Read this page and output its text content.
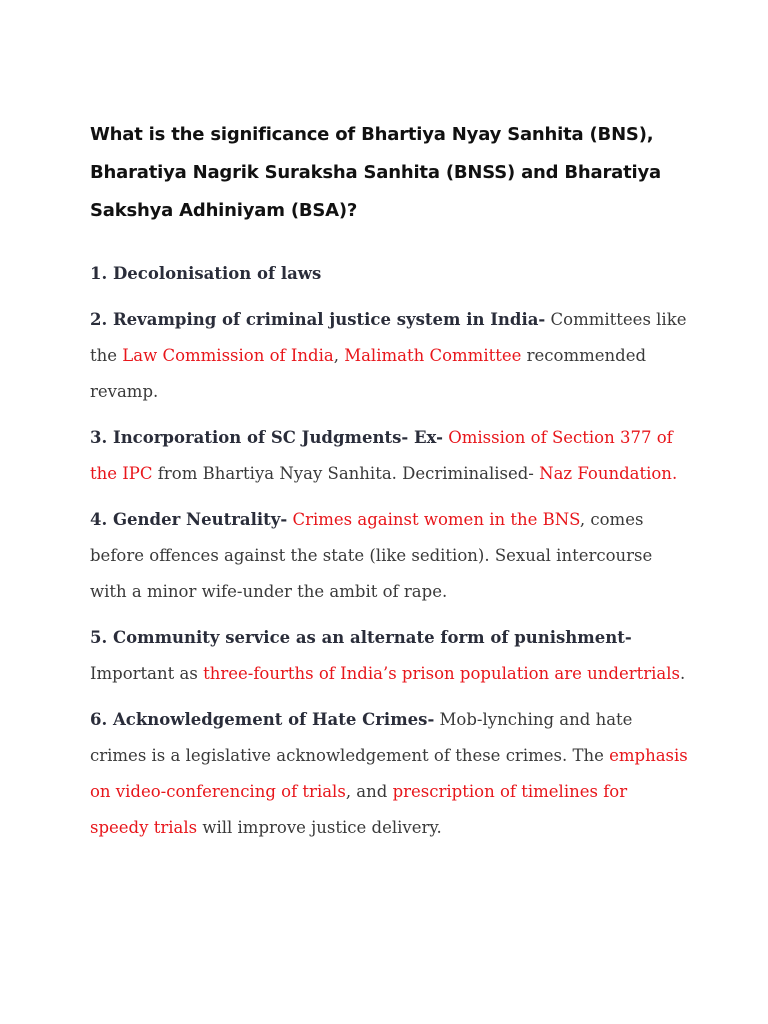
What is the significance of Bhartiya Nyay Sanhita (BNS), Bharatiya Nagrik Suraksha Sanhita (BNSS) and Bharatiya Sakshya Adhiniyam (BSA)?

1. Decolonisation of laws

2. Revamping of criminal justice system in India- Committees like the Law Commission of India, Malimath Committee recommended revamp.

3. Incorporation of SC Judgments- Ex- Omission of Section 377 of the IPC from Bhartiya Nyay Sanhita. Decriminalised- Naz Foundation.

4. Gender Neutrality- Crimes against women in the BNS, comes before offences against the state (like sedition). Sexual intercourse with a minor wife-under the ambit of rape.

5. Community service as an alternate form of punishment-
Important as three-fourths of India’s prison population are undertrials.

6. Acknowledgement of Hate Crimes- Mob-lynching and hate crimes is a legislative acknowledgement of these crimes. The emphasis on video-conferencing of trials, and prescription of timelines for speedy trials will improve justice delivery.
